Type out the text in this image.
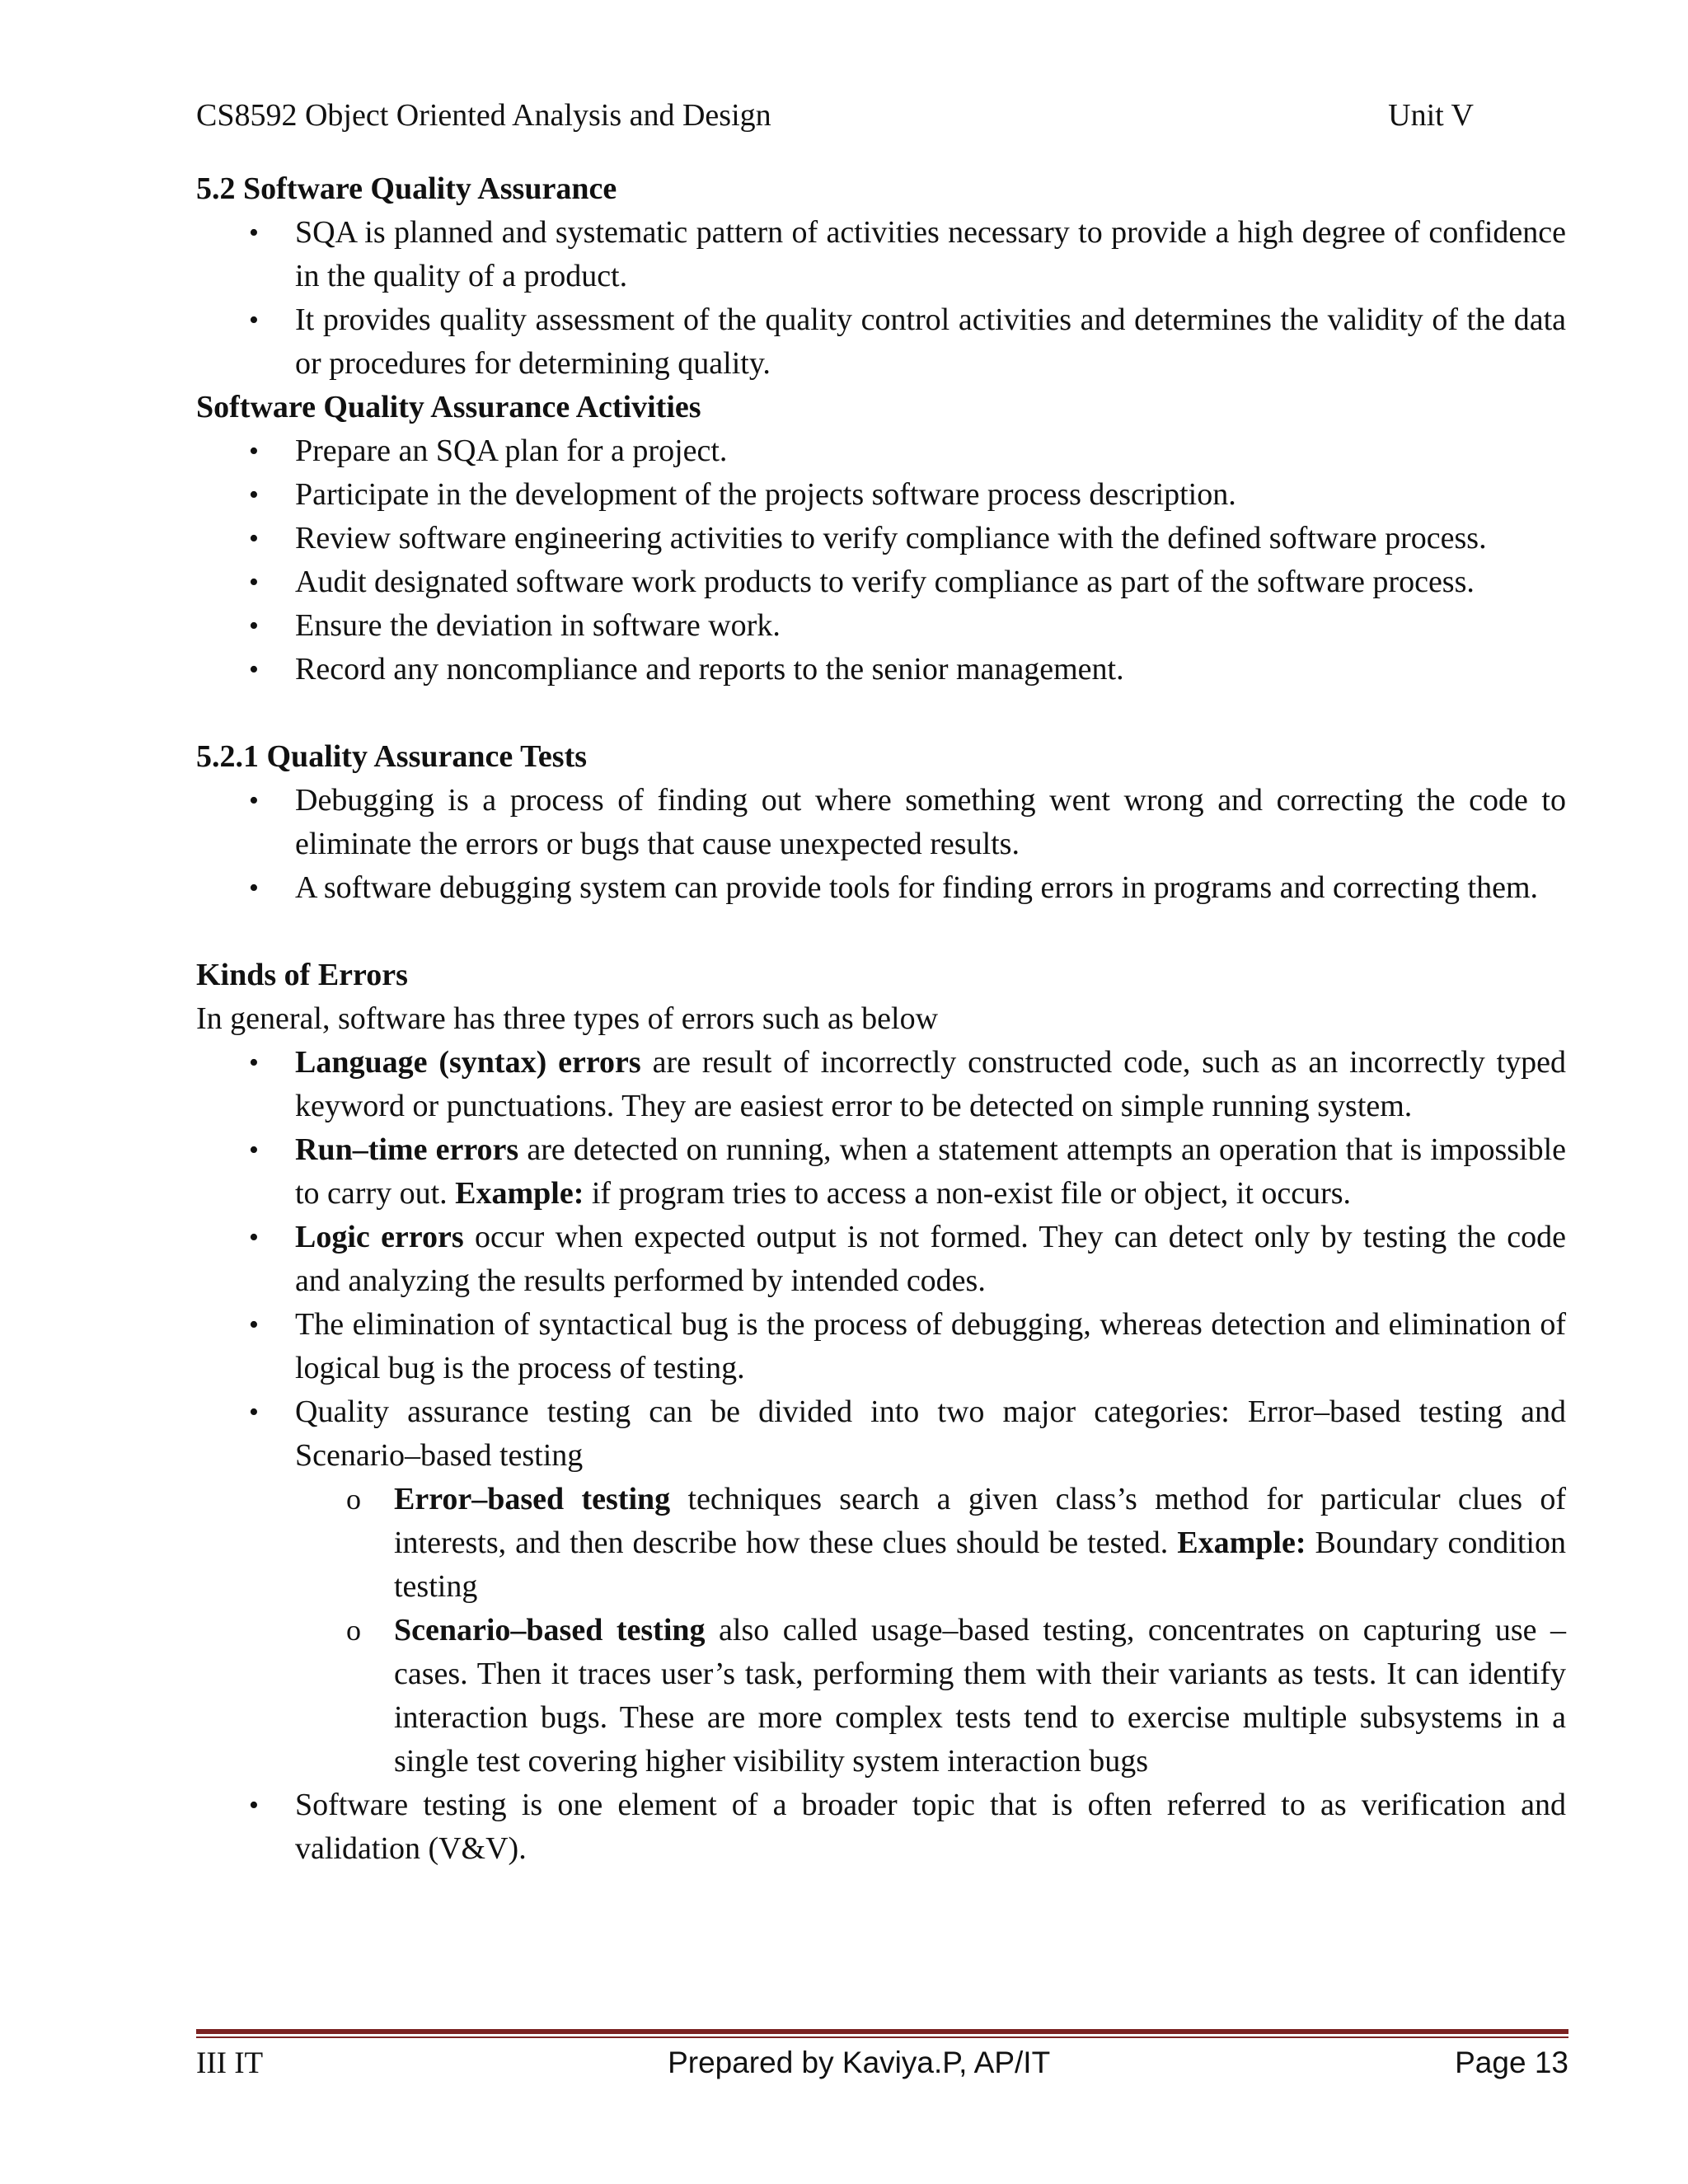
CS8592 Object Oriented Analysis and Design	Unit V
5.2 Software Quality Assurance
• SQA is planned and systematic pattern of activities necessary to provide a high degree of confidence in the quality of a product.
• It provides quality assessment of the quality control activities and determines the validity of the data or procedures for determining quality.
Software Quality Assurance Activities
• Prepare an SQA plan for a project.
• Participate in the development of the projects software process description.
• Review software engineering activities to verify compliance with the defined software process.
• Audit designated software work products to verify compliance as part of the software process.
• Ensure the deviation in software work.
• Record any noncompliance and reports to the senior management.
5.2.1 Quality Assurance Tests
• Debugging is a process of finding out where something went wrong and correcting the code to eliminate the errors or bugs that cause unexpected results.
• A software debugging system can provide tools for finding errors in programs and correcting them.
Kinds of Errors

In general, software has three types of errors such as below

• Language (syntax) errors are result of incorrectly constructed code, such as an incorrectly typed keyword or punctuations. They are easiest error to be detected on simple running system.
• Run–time errors are detected on running, when a statement attempts an operation that is impossible to carry out. Example: if program tries to access a non-exist file or object, it occurs.
• Logic errors occur when expected output is not formed. They can detect only by testing the code and analyzing the results performed by intended codes.
• The elimination of syntactical bug is the process of debugging, whereas detection and elimination of logical bug is the process of testing.
• Quality assurance testing can be divided into two major categories: Error–based testing and Scenario–based testing
o Error–based testing techniques search a given class’s method for particular clues of interests, and then describe how these clues should be tested. Example: Boundary condition testing
o Scenario–based testing also called usage–based testing, concentrates on capturing use – cases. Then it traces user’s task, performing them with their variants as tests. It can identify interaction bugs. These are more complex tests tend to exercise multiple subsystems in a single test covering higher visibility system interaction bugs
• Software testing is one element of a broader topic that is often referred to as verification and validation (V&V).
III IT	Prepared by Kaviya.P, AP/IT	Page 13
